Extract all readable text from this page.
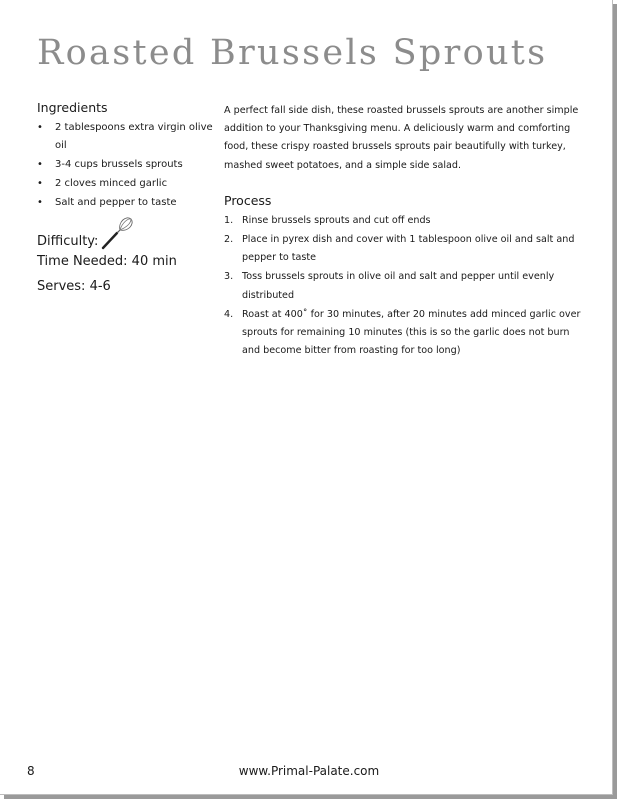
Roasted Brussels Sprouts
Ingredients
• 2 tablespoons extra virgin olive oil
• 3-4 cups brussels sprouts
• 2 cloves minced garlic
• Salt and pepper to taste
Difficulty:
Time Needed: 40 min
Serves: 4-6

A perfect fall side dish, these roasted brussels sprouts are another simple addition to your Thanksgiving menu. A deliciously warm and comforting food, these crispy roasted brussels sprouts pair beautifully with turkey, mashed sweet potatoes, and a simple side salad.

Process
1. Rinse brussels sprouts and cut off ends
2. Place in pyrex dish and cover with 1 tablespoon olive oil and salt and pepper to taste
3. Toss brussels sprouts in olive oil and salt and pepper until evenly distributed
4. Roast at 400˚ for 30 minutes, after 20 minutes add minced garlic over sprouts for remaining 10 minutes (this is so the garlic does not burn and become bitter from roasting for too long)
8	www.Primal-Palate.com
